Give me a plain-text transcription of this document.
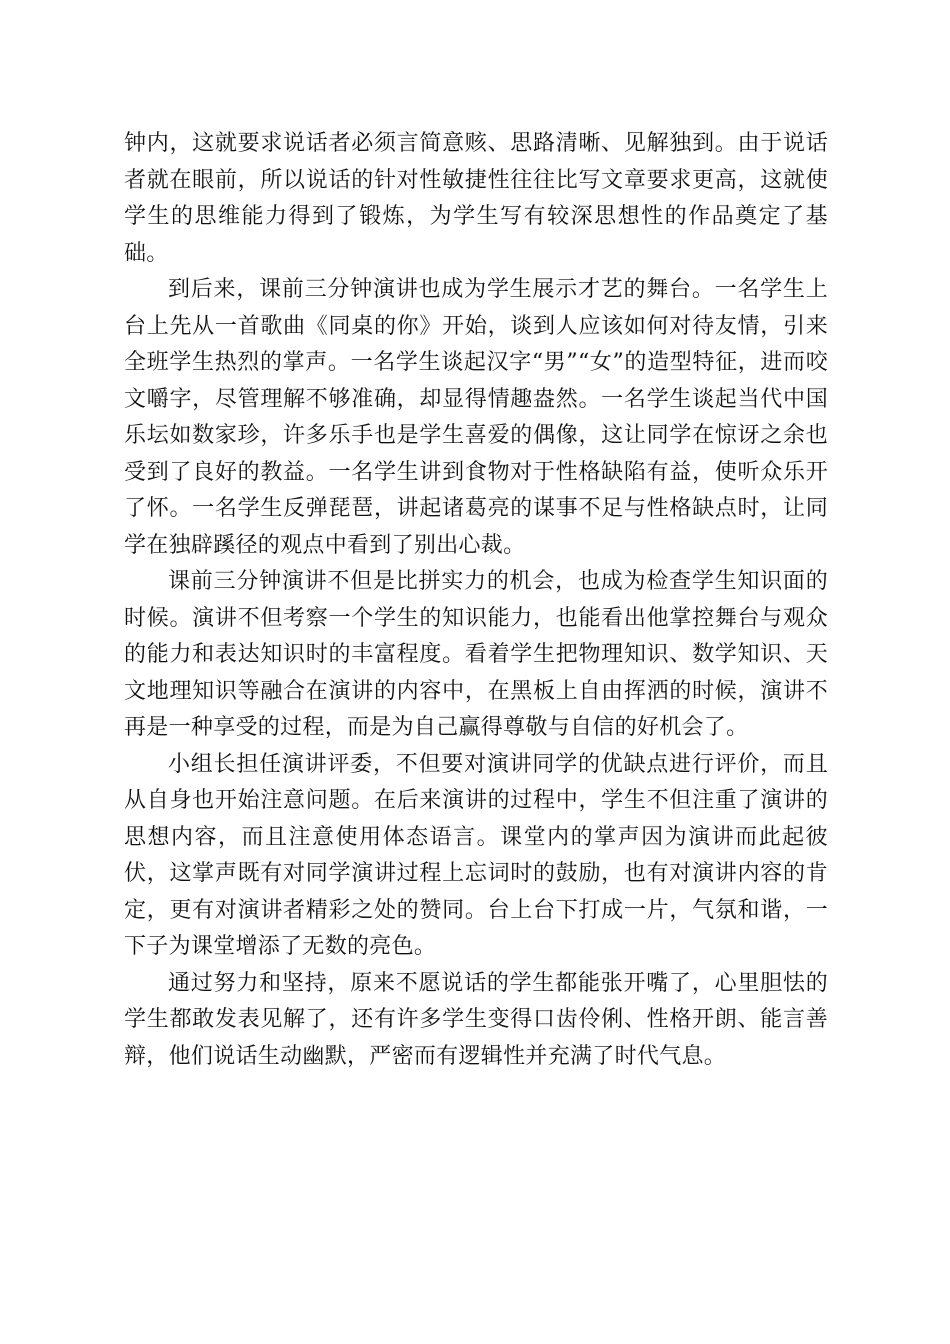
钟内，这就要求说话者必须言简意赅、思路清晰、见解独到。由于说话者就在眼前，所以说话的针对性敏捷性往往比写文章要求更高，这就使学生的思维能力得到了锻炼，为学生写有较深思想性的作品奠定了基础。

到后来，课前三分钟演讲也成为学生展示才艺的舞台。一名学生上台上先从一首歌曲《同桌的你》开始，谈到人应该如何对待友情，引来全班学生热烈的掌声。一名学生谈起汉字“男”“女”的造型特征，进而咬文嚼字，尽管理解不够准确，却显得情趣盎然。一名学生谈起当代中国乐坛如数家珍，许多乐手也是学生喜爱的偶像，这让同学在惊讶之余也受到了良好的教益。一名学生讲到食物对于性格缺陷有益，使听众乐开了怀。一名学生反弹琵琶，讲起诸葛亮的谋事不足与性格缺点时，让同学在独辟蹊径的观点中看到了别出心裁。

课前三分钟演讲不但是比拼实力的机会，也成为检查学生知识面的时候。演讲不但考察一个学生的知识能力，也能看出他掌控舞台与观众的能力和表达知识时的丰富程度。看着学生把物理知识、数学知识、天文地理知识等融合在演讲的内容中，在黑板上自由挥洒的时候，演讲不再是一种享受的过程，而是为自己赢得尊敬与自信的好机会了。

小组长担任演讲评委，不但要对演讲同学的优缺点进行评价，而且从自身也开始注意问题。在后来演讲的过程中，学生不但注重了演讲的思想内容，而且注意使用体态语言。课堂内的掌声因为演讲而此起彼伏，这掌声既有对同学演讲过程上忘词时的鼓励，也有对演讲内容的肯定，更有对演讲者精彩之处的赞同。台上台下打成一片，气氛和谐，一下子为课堂增添了无数的亮色。

通过努力和坚持，原来不愿说话的学生都能张开嘴了，心里胆怯的学生都敢发表见解了，还有许多学生变得口齿伶俐、性格开朗、能言善辩，他们说话生动幽默，严密而有逻辑性并充满了时代气息。
